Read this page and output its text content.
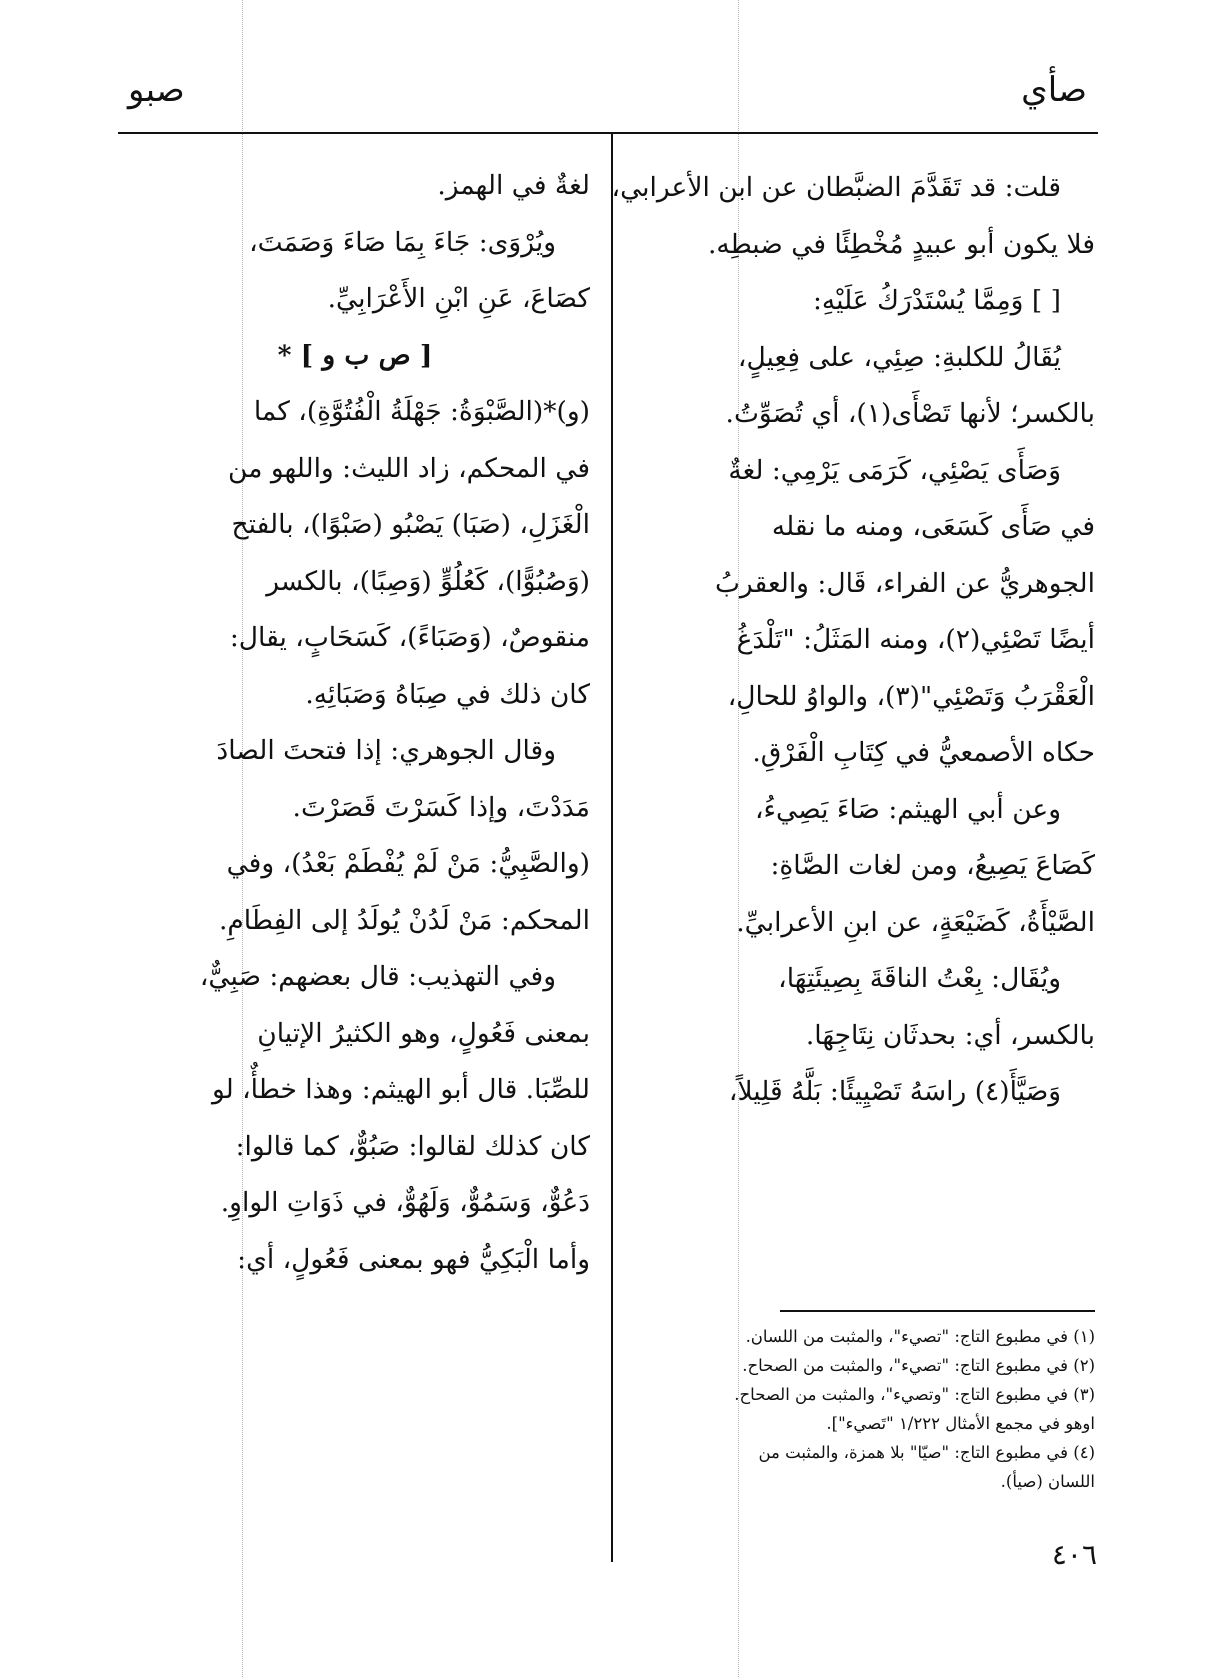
صأي
صبو

قلت: قد تَقَدَّمَ الضبَّطان عن ابن الأعرابي،

فلا يكون أبو عبيدٍ مُخْطِئًا في ضبطِه.

[ ] وَمِمَّا يُسْتَدْرَكُ عَلَيْهِ:

يُقَالُ للكلبةِ: صِئِي، على فِعِيلٍ،

بالكسر؛ لأنها تَصْأَى(١)، أي تُصَوِّتُ.

وَصَأَى يَصْئِي، كَرَمَى يَرْمِي: لغةٌ

في صَأَى كَسَعَى، ومنه ما نقله

الجوهريُّ عن الفراء، قَال: والعقربُ

أيضًا تَصْئِي(٢)، ومنه المَثَلُ: "تَلْدَغُ

الْعَقْرَبُ وَتَصْئِي"(٣)، والواوُ للحالِ،

حكاه الأصمعيُّ في كِتَابِ الْفَرْقِ.

وعن أبي الهيثم: صَاءَ يَصِيءُ،

كَصَاعَ يَصِيعُ، ومن لغات الصَّاةِ:

الصَّيْأَةُ، كَضَيْعَةٍ، عن ابنِ الأعرابيِّ.

ويُقَال: بِعْتُ الناقَةَ بِصِيئَتِهَا،

بالكسر، أي: بحدثَان نِتَاجِهَا.

وَصَيَّأَ(٤) راسَهُ تَصْيِيئًا: بَلَّهُ قَلِيلاً،

(١) في مطبوع التاج: "تصيء"، والمثبت من اللسان.

(٢) في مطبوع التاج: "تصيء"، والمثبت من الصحاح.

(٣) في مطبوع التاج: "وتصيء"، والمثبت من الصحاح.

اوهو في مجمع الأمثال ١/٢٢٢ "تَصيء"].

(٤) في مطبوع التاج: "صيّا" بلا همزة، والمثبت من

اللسان (صيأ).

لغةٌ في الهمز.

ويُرْوَى: جَاءَ بِمَا صَاءَ وَصَمَتَ،

كصَاعَ، عَنِ ابْنِ الأَعْرَابِيِّ.

[ ص ب و ] *

(و)*(الصَّبْوَةُ: جَهْلَةُ الْفُتُوَّةِ)، كما

في المحكم، زاد الليث: واللهو من

الْغَزَلِ، (صَبَا) يَصْبُو (صَبْوًا)، بالفتح

(وَصُبُوًّا)، كَعُلُوٍّ (وَصِبًا)، بالكسر

منقوصٌ، (وَصَبَاءً)، كَسَحَابٍ، يقال:

كان ذلك في صِبَاهُ وَصَبَائِهِ.

وقال الجوهري: إذا فتحتَ الصادَ

مَدَدْتَ، وإذا كَسَرْتَ قَصَرْتَ.

(والصَّبِيُّ: مَنْ لَمْ يُفْطَمْ بَعْدُ)، وفي

المحكم: مَنْ لَدُنْ يُولَدُ إلى الفِطَامِ.

وفي التهذيب: قال بعضهم: صَبِيٌّ،

بمعنى فَعُولٍ، وهو الكثيرُ الإتيانِ

للصِّبَا. قال أبو الهيثم: وهذا خطأٌ، لو

كان كذلك لقالوا: صَبُوٌّ، كما قالوا:

دَعُوٌّ، وَسَمُوٌّ، وَلَهُوٌّ، في ذَوَاتِ الواوِ.

وأما الْبَكِيُّ فهو بمعنى فَعُولٍ، أي:

٤٠٦
